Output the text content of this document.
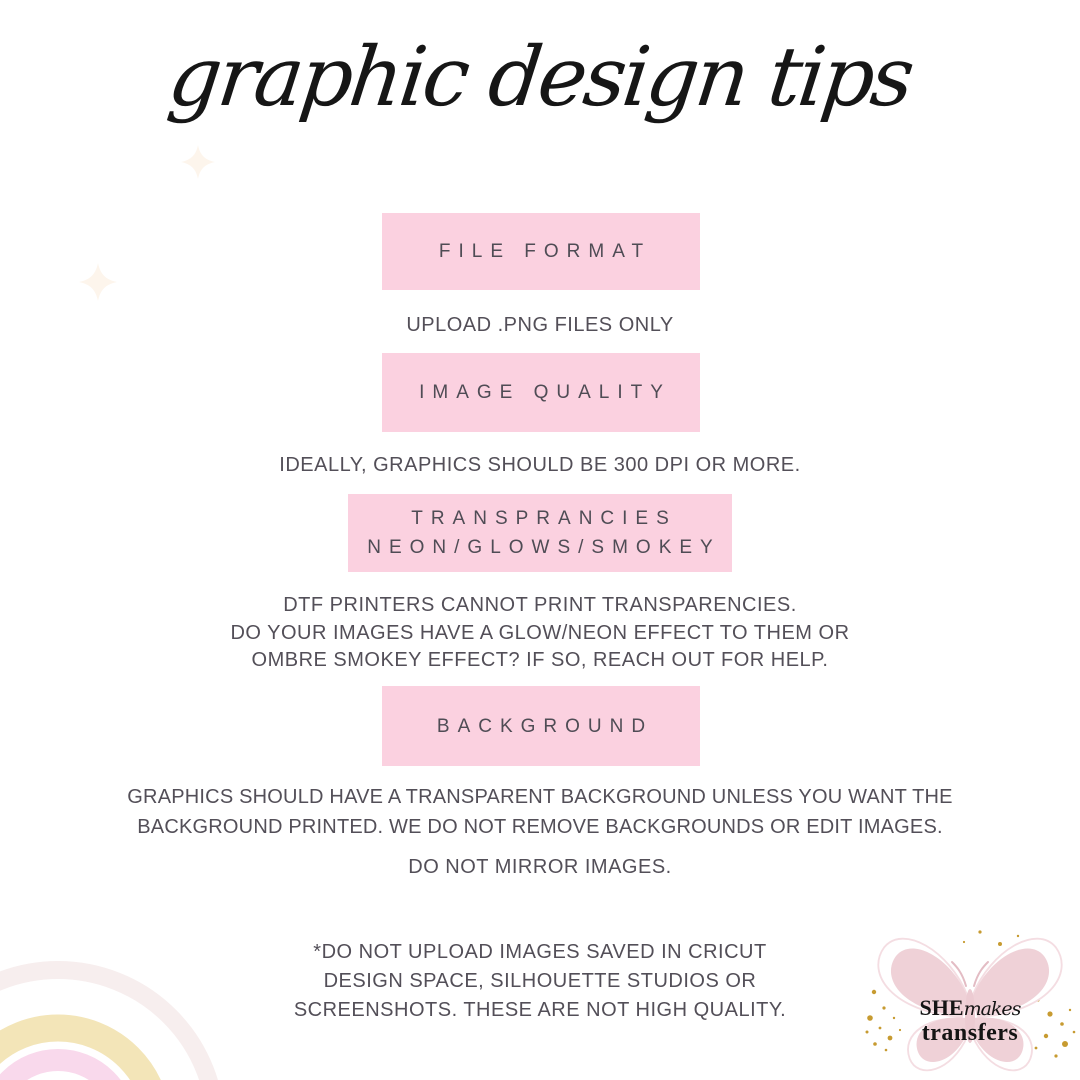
graphic design tips
FILE FORMAT
UPLOAD .PNG FILES ONLY
IMAGE QUALITY
IDEALLY, GRAPHICS SHOULD BE 300 DPI OR MORE.
TRANSPRANCIES
NEON/GLOWS/SMOKEY
DTF PRINTERS CANNOT PRINT TRANSPARENCIES.
DO YOUR IMAGES HAVE A GLOW/NEON EFFECT TO THEM OR
OMBRE SMOKEY EFFECT? IF SO, REACH OUT FOR HELP.
BACKGROUND
GRAPHICS SHOULD HAVE A TRANSPARENT BACKGROUND UNLESS YOU WANT THE
BACKGROUND PRINTED. WE DO NOT REMOVE BACKGROUNDS OR EDIT IMAGES.
DO NOT MIRROR IMAGES.
*DO NOT UPLOAD IMAGES SAVED IN CRICUT
DESIGN SPACE, SILHOUETTE STUDIOS OR
SCREENSHOTS. THESE ARE NOT HIGH QUALITY.	SHEmakes
transfers
